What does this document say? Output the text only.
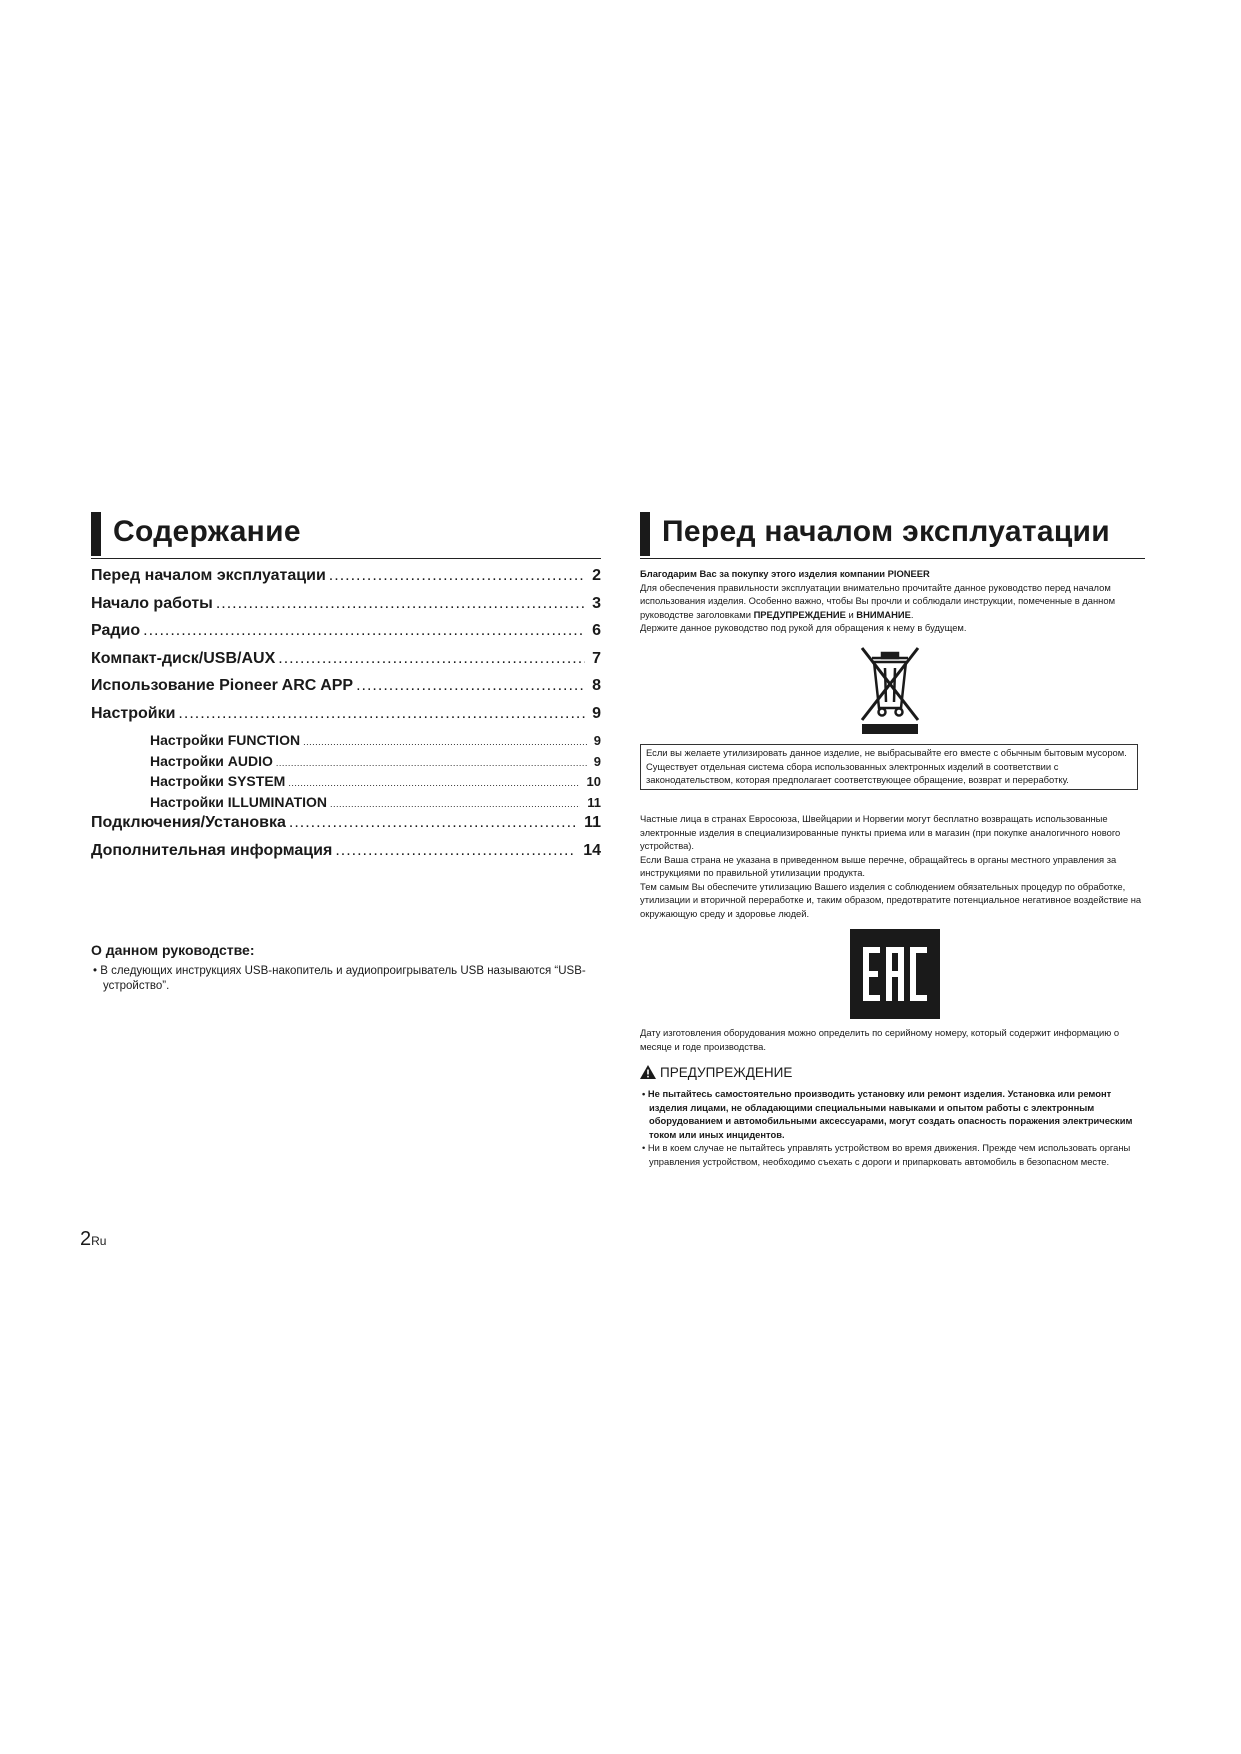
Содержание
Перед началом эксплуатации .....	2
Начало работы .....	3
Радио .....	6
Компакт-диск/USB/AUX .....	7
Использование Pioneer ARC APP .....	8
Настройки .....	9
Настройки FUNCTION .....	9
Настройки AUDIO .....	9
Настройки SYSTEM .....	10
Настройки ILLUMINATION .....	11
Подключения/Установка .....	11
Дополнительная информация .....	14
О данном руководстве:
• В следующих инструкциях USB-накопитель и аудиопроигрыватель USB называются “USB-устройство”.
Перед началом эксплуатации
Благодарим Вас за покупку этого изделия компании PIONEER
Для обеспечения правильности эксплуатации внимательно прочитайте данное руководство перед началом использования изделия. Особенно важно, чтобы Вы прочли и соблюдали инструкции, помеченные в данном руководстве заголовками ПРЕДУПРЕЖДЕНИЕ и ВНИМАНИЕ.
Держите данное руководство под рукой для обращения к нему в будущем.
Если вы желаете утилизировать данное изделие, не выбрасывайте его вместе с обычным бытовым мусором. Существует отдельная система сбора использованных электронных изделий в соответствии с законодательством, которая предполагает соответствующее обращение, возврат и переработку.
Частные лица в странах Евросоюза, Швейцарии и Норвегии могут бесплатно возвращать использованные электронные изделия в специализированные пункты приема или в магазин (при покупке аналогичного нового устройства).
Если Ваша страна не указана в приведенном выше перечне, обращайтесь в органы местного управления за инструкциями по правильной утилизации продукта.
Тем самым Вы обеспечите утилизацию Вашего изделия с соблюдением обязательных процедур по обработке, утилизации и вторичной переработке и, таким образом, предотвратите потенциальное негативное воздействие на окружающую среду и здоровье людей.
Дату изготовления оборудования можно определить по серийному номеру, который содержит информацию о месяце и годе производства.
ПРЕДУПРЕЖДЕНИЕ
• Не пытайтесь самостоятельно производить установку или ремонт изделия. Установка или ремонт изделия лицами, не обладающими специальными навыками и опытом работы с электронным оборудованием и автомобильными аксессуарами, могут создать опасность поражения электрическим током или иных инцидентов.
• Ни в коем случае не пытайтесь управлять устройством во время движения. Прежде чем использовать органы управления устройством, необходимо съехать с дороги и припарковать автомобиль в безопасном месте.
2Ru
